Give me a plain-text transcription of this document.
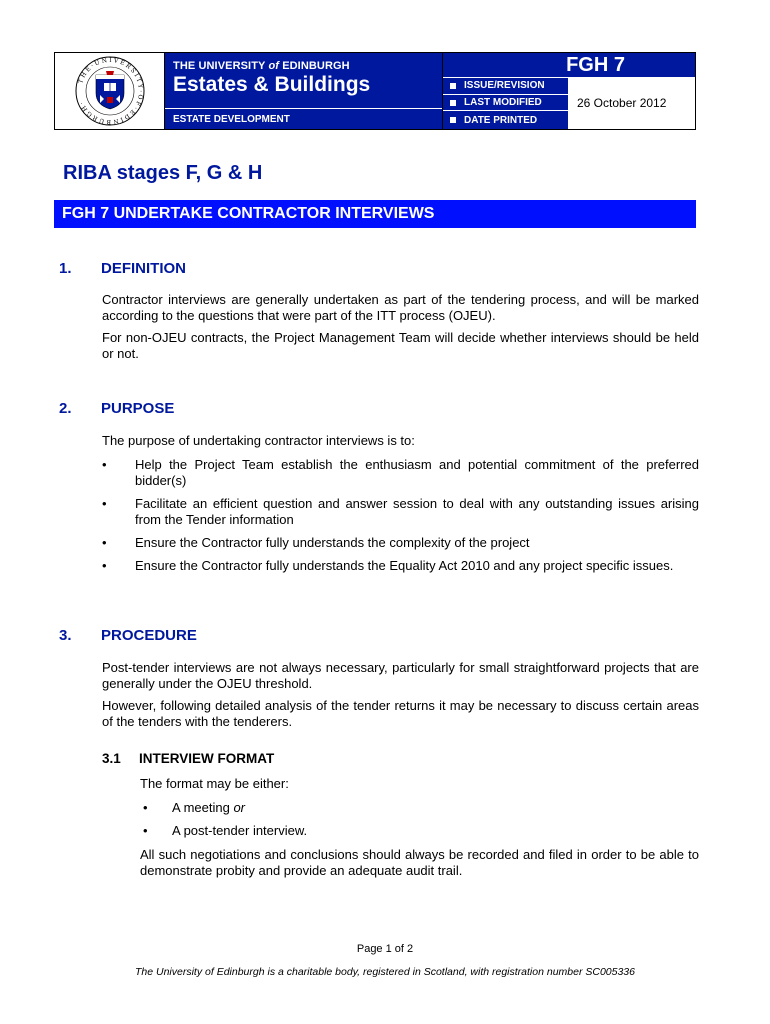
T H E · U N I V E R S I T Y · O F · E D I N B U R G H ·
THE UNIVERSITY of EDINBURGH
Estates & Buildings
ESTATE DEVELOPMENT
FGH 7
ISSUE/REVISION
LAST MODIFIED	26 October 2012
DATE PRINTED
RIBA stages F, G & H
FGH 7 UNDERTAKE CONTRACTOR INTERVIEWS
1. DEFINITION
Contractor interviews are generally undertaken as part of the tendering process, and will be marked according to the questions that were part of the ITT process (OJEU).
For non-OJEU contracts, the Project Management Team will decide whether interviews should be held or not.
2. PURPOSE
The purpose of undertaking contractor interviews is to:
• Help the Project Team establish the enthusiasm and potential commitment of the preferred bidder(s)
• Facilitate an efficient question and answer session to deal with any outstanding issues arising from the Tender information
• Ensure the Contractor fully understands the complexity of the project
• Ensure the Contractor fully understands the Equality Act 2010 and any project specific issues.
3. PROCEDURE
Post-tender interviews are not always necessary, particularly for small straightforward projects that are generally under the OJEU threshold.
However, following detailed analysis of the tender returns it may be necessary to discuss certain areas of the tenders with the tenderers.
3.1 INTERVIEW FORMAT
The format may be either:
• A meeting or
• A post-tender interview.
All such negotiations and conclusions should always be recorded and filed in order to be able to demonstrate probity and provide an adequate audit trail.
Page 1 of 2
The University of Edinburgh is a charitable body, registered in Scotland, with registration number SC005336
